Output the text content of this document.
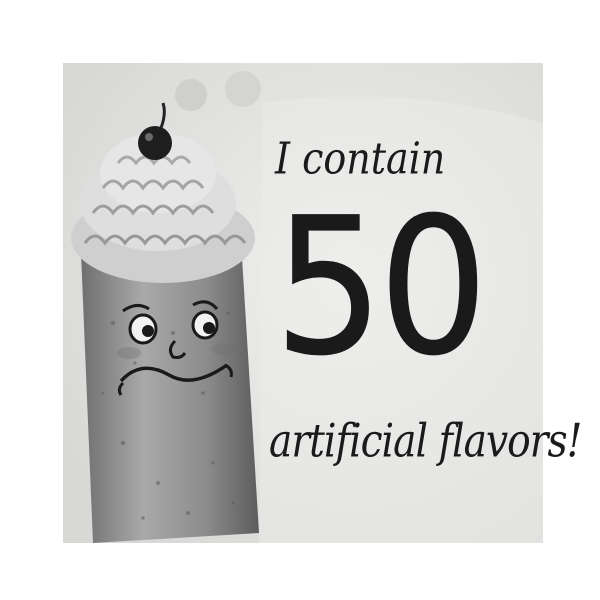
I contain

50

artificial flavors!
